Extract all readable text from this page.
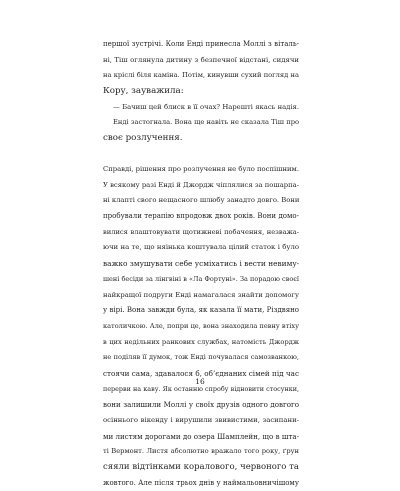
першої зустрічі. Коли Енді принесла Моллі з віталь-
ні, Тіш оглянула дитину з безпечної відстані, сидячи
на кріслі біля каміна. Потім, кинувши сухий погляд на
Кору, зауважила:
— Бачиш цей блиск в її очах? Нарешті якась надія.
Енді застогнала. Вона ще навіть не сказала Тіш про
своє розлучення.
Справді, рішення про розлучення не було поспішним.
У всякому разі Енді й Джордж чіплялися за пошарпа-
ні клапті свого нещасного шлюбу занадто довго. Вони
пробували терапію впродовж двох років. Вони домо-
вилися влаштовувати щотижневі побачення, незважа-
ючи на те, що няінька коштувала цілий статок і було
важко змушувати себе усміхатись і вести невиму-
шені бесіди за лінгвіні в «Ла Фортуні». За порадою своєї
найкращої подруги Енді намагалася знайти допомогу
у вірі. Вона завжди була, як казала її мати, Різдвяно
католичкою. Але, попри це, вона знаходила певну втіху
в цих недільних ранкових службах, натомість Джордж
не поділяв її думок, тож Енді почувалася самозванкою,
стоячи сама, здавалося б, об’єднаних сімей під час
перерви на каву. Як останню спробу відновити стосунки,
вони залишили Моллі у своїх друзів одного довгого
осіннього вікенду і вирушили звивистими, засипани-
ми листям дорогами до озера Шамплейн, що в шта-
ті Вермонт. Листя абсолютно вражало того року, ґрун
сяяли відтінками коралового, червоного та
жовтого. Але після трьох днів у наймальовничішому
16
